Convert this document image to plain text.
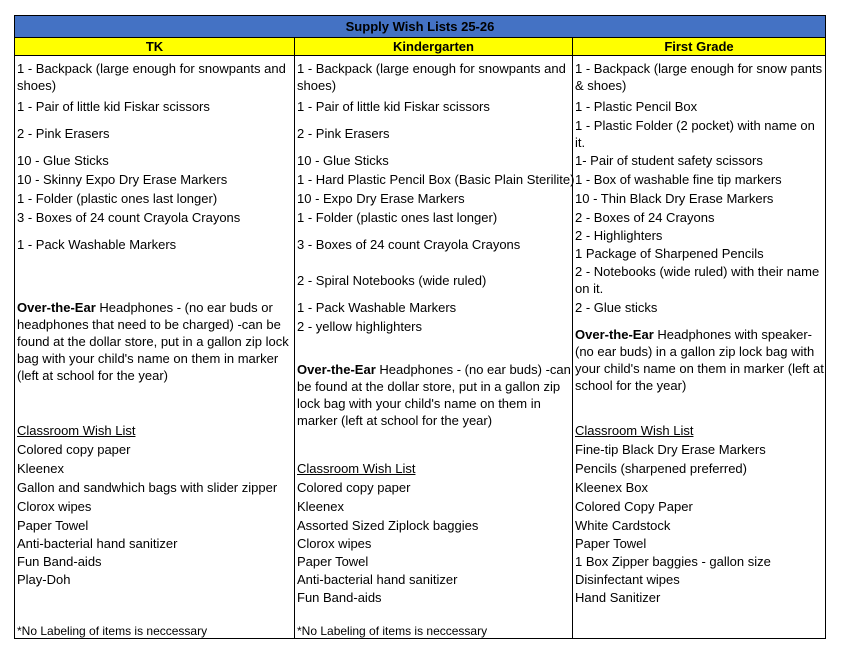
Supply Wish Lists 25-26
TK	Kindergarten	First Grade
1 - Backpack (large enough for snowpants and shoes)
1 - Pair of little kid Fiskar scissors
2 - Pink Erasers
10 - Glue Sticks
10 - Skinny Expo Dry Erase Markers
1 - Folder (plastic ones last longer)
3 - Boxes of 24 count Crayola Crayons
1 - Pack Washable Markers
Over-the-Ear Headphones - (no ear buds or headphones that need to be charged) -can be found at the dollar store, put in a gallon zip lock bag with your child's name on them in marker (left at school for the year)
Classroom Wish List
Colored copy paper
Kleenex
Gallon and sandwhich bags with slider zipper
Clorox wipes
Paper Towel
Anti-bacterial hand sanitizer
Fun Band-aids
Play-Doh
*No Labeling of items is neccessary
1 - Backpack (large enough for snowpants and shoes)
1 - Pair of little kid Fiskar scissors
2 - Pink Erasers
10 - Glue Sticks
1 - Hard Plastic Pencil Box (Basic Plain Sterilite)
10 - Expo Dry Erase Markers
1 - Folder (plastic ones last longer)
3 - Boxes of 24 count Crayola Crayons
2 - Spiral Notebooks (wide ruled)
1 - Pack Washable Markers
2 - yellow highlighters
Over-the-Ear Headphones - (no ear buds) -can be found at the dollar store, put in a gallon zip lock bag with your child's name on them in marker (left at school for the year)
Classroom Wish List
Colored copy paper
Kleenex
Assorted Sized Ziplock baggies
Clorox wipes
Paper Towel
Anti-bacterial hand sanitizer
Fun Band-aids
*No Labeling of items is neccessary
1 - Backpack (large enough for snow pants & shoes)
1 - Plastic Pencil Box
1 - Plastic Folder (2 pocket) with name on it.
1- Pair of student safety scissors
1 - Box of washable fine tip markers
10 - Thin Black Dry Erase Markers
2 - Boxes of 24 Crayons
2 - Highlighters
1 Package of Sharpened Pencils
2 - Notebooks (wide ruled) with their name on it.
2 - Glue sticks
Over-the-Ear Headphones with speaker- (no ear buds) in a gallon zip lock bag with your child's name on them in marker (left at school for the year)
Classroom Wish List
Fine-tip Black Dry Erase Markers
Pencils (sharpened preferred)
Kleenex Box
Colored Copy Paper
White Cardstock
Paper Towel
1 Box Zipper baggies - gallon size
Disinfectant wipes
Hand Sanitizer
